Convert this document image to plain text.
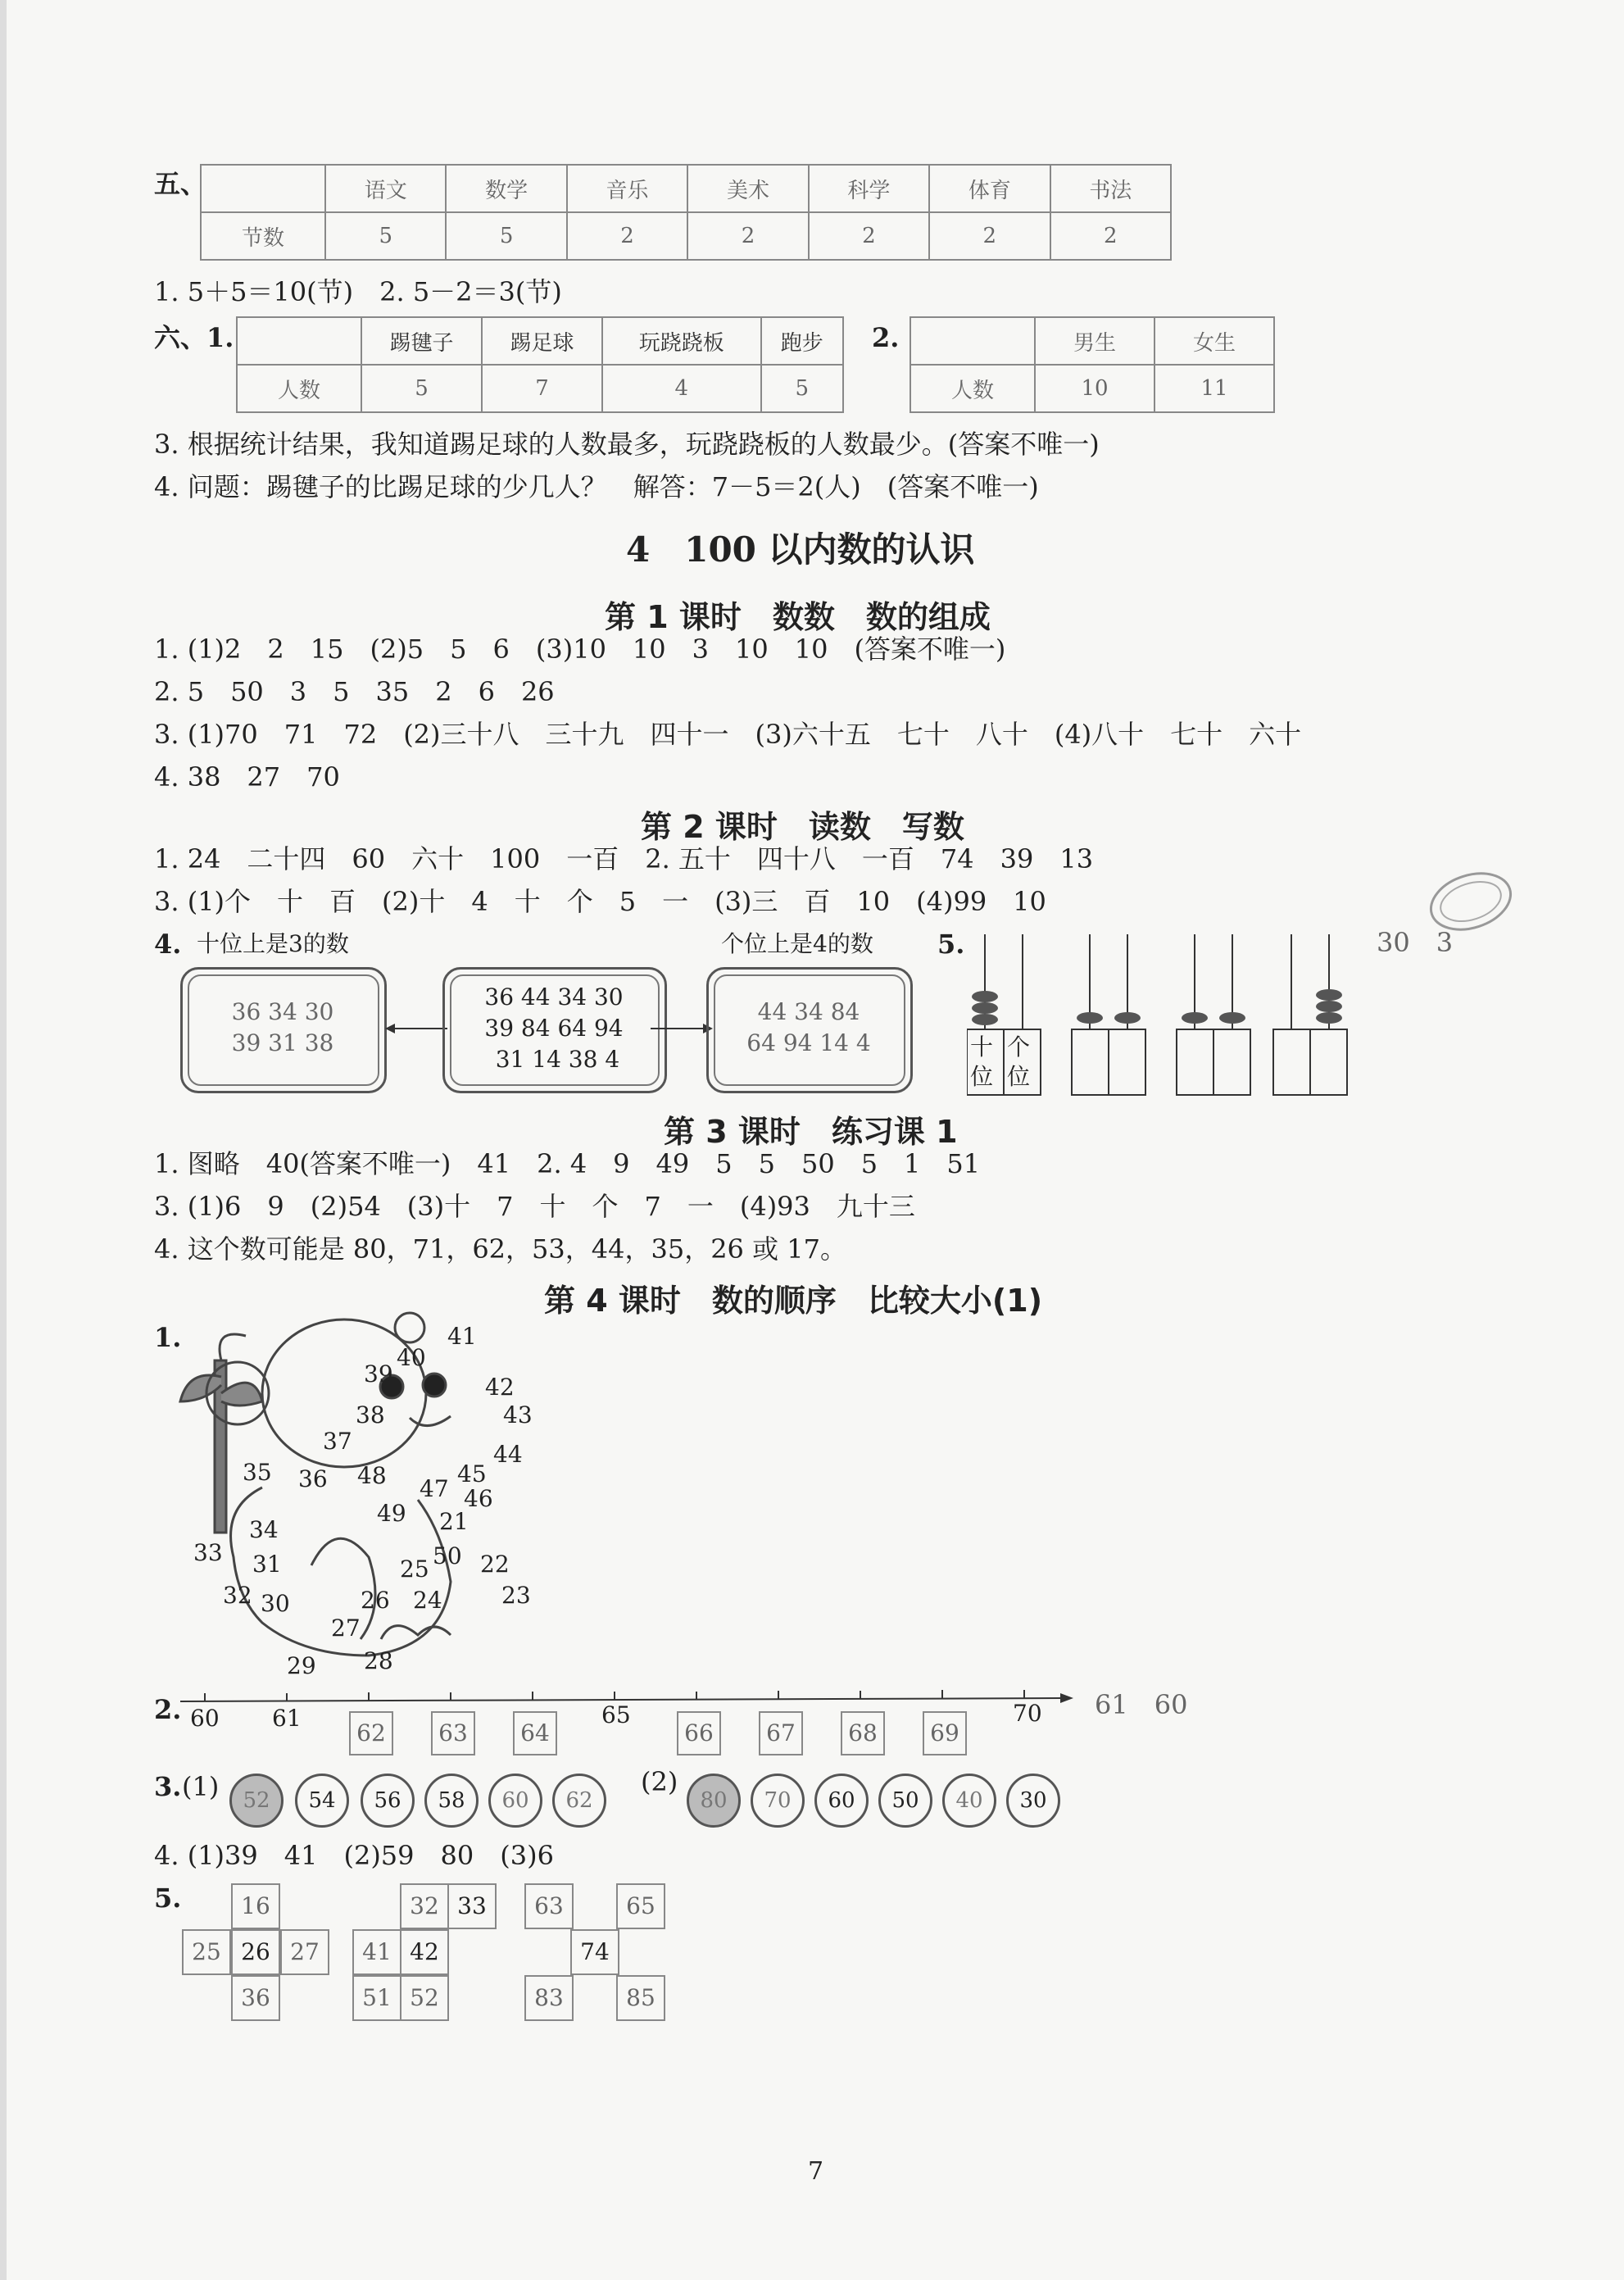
五、
		语文	数学	音乐	美术	科学	体育	书法
节数	5	5	2	2	2	2	2
1. 5＋5＝10(节)　2. 5－2＝3(节)
六、1.
		踢毽子	踢足球	玩跷跷板	跑步
人数	5	7	4	5
2.
		男生	女生
人数	10	11
3. 根据统计结果，我知道踢足球的人数最多，玩跷跷板的人数最少。(答案不唯一)
4. 问题：踢毽子的比踢足球的少几人？　解答：7－5＝2(人)　(答案不唯一)
4　100 以内数的认识
第 1 课时　数数　数的组成
1. (1)2　2　15　(2)5　5　6　(3)10　10　3　10　10　(答案不唯一)
2. 5　50　3　5　35　2　6　26
3. (1)70　71　72　(2)三十八　三十九　四十一　(3)六十五　七十　八十　(4)八十　七十　六十
4. 38　27　70
第 2 课时　读数　写数
1. 24　二十四　60　六十　100　一百　2. 五十　四十八　一百　74　39　13
3. (1)个　十　百　(2)十　4　十　个　5　一　(3)三　百　10　(4)99　10
4. 十位上是3的数
36 34 30
39 31 38
36 44 34 30
39 84 64 94
31 14 38 4
个位上是4的数
44 34 84
64 94 14 4
5.
十 个
位 位
30　3
第 3 课时　练习课 1
1. 图略　40(答案不唯一)　41　2. 4　9　49　5　5　50　5　1　51
3. (1)6　9　(2)54　(3)十　7　十　个　7　一　(4)93　九十三
4. 这个数可能是 80，71，62，53，44，35，26 或 17。
第 4 课时　数的顺序　比较大小(1)
1.	41
40
39	42
43
38
44
37
35 36 48 47
45
46
49
34
33 31
32 30
50
21
25 22
23
26 24
27
29 28
2. 60 61	65	70
62	63	64	66	67	68	69
61　60
3. (1)	52	54	56	58	60	62
(2)
80	70	60	50	40	30
4. (1)39　41　(2)59　80　(3)6
5.	16
25 26 27
36
32 33
41 42
51 52
63	65
74
83	85
7
